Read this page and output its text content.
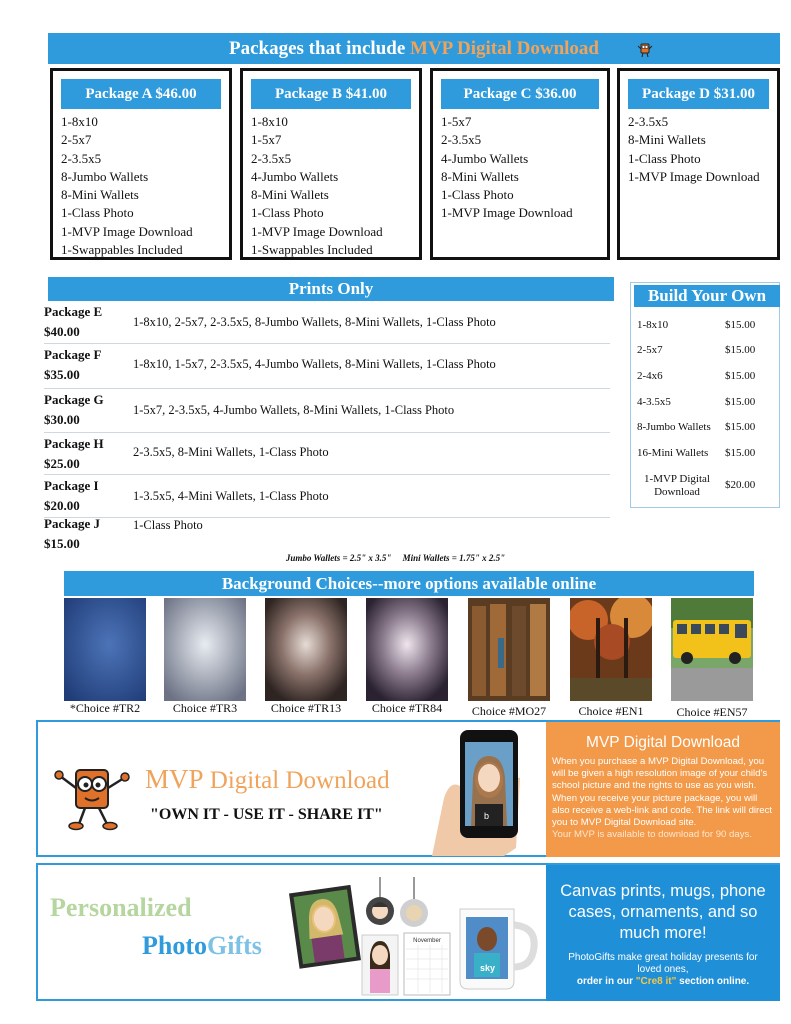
Packages that include MVP Digital Download
Package A $46.00
1-8x10
2-5x7
2-3.5x5
8-Jumbo Wallets
8-Mini Wallets
1-Class Photo
1-MVP Image Download
1-Swappables Included
Package B $41.00
1-8x10
1-5x7
2-3.5x5
4-Jumbo Wallets
8-Mini Wallets
1-Class Photo
1-MVP Image Download
1-Swappables Included
Package C $36.00
1-5x7
2-3.5x5
4-Jumbo Wallets
8-Mini Wallets
1-Class Photo
1-MVP Image Download
Package D $31.00
2-3.5x5
8-Mini Wallets
1-Class Photo
1-MVP Image Download
Prints Only
Package E
$40.00
1-8x10, 2-5x7, 2-3.5x5, 8-Jumbo Wallets, 8-Mini Wallets, 1-Class Photo
Package F
$35.00
1-8x10, 1-5x7, 2-3.5x5, 4-Jumbo Wallets, 8-Mini Wallets, 1-Class Photo
Package G
$30.00
1-5x7, 2-3.5x5, 4-Jumbo Wallets, 8-Mini Wallets, 1-Class Photo
Package H
$25.00
2-3.5x5, 8-Mini Wallets, 1-Class Photo
Package I
$20.00
1-3.5x5, 4-Mini Wallets, 1-Class Photo
Package J
$15.00
1-Class Photo
Build Your Own
1-8x10	$15.00
2-5x7	$15.00
2-4x6	$15.00
4-3.5x5	$15.00
8-Jumbo Wallets	$15.00
16-Mini Wallets	$15.00
1-MVP Digital Download
$20.00
Jumbo Wallets = 2.5" x 3.5"     Mini Wallets = 1.75" x 2.5"
Background Choices--more options available online
*Choice #TR2	Choice #TR3	Choice #TR13	Choice #TR84	Choice #MO27	Choice #EN1	Choice #EN57
MVP Digital Download
"OWN IT - USE IT - SHARE IT"	b
MVP Digital Download

When you purchase a MVP Digital Download, you will be given a high resolution image of your child's school picture and the rights to use as you wish. When you receive your picture package, you will also receive a web-link and code. The link will direct you to MVP Digital Download site.

Your MVP is available to download for 90 days.

Personalized
PhotoGifts	November
sky
Canvas prints, mugs, phone cases, ornaments, and so much more!
PhotoGifts make great holiday presents for loved ones,
order in our "Cre8 it" section online.
